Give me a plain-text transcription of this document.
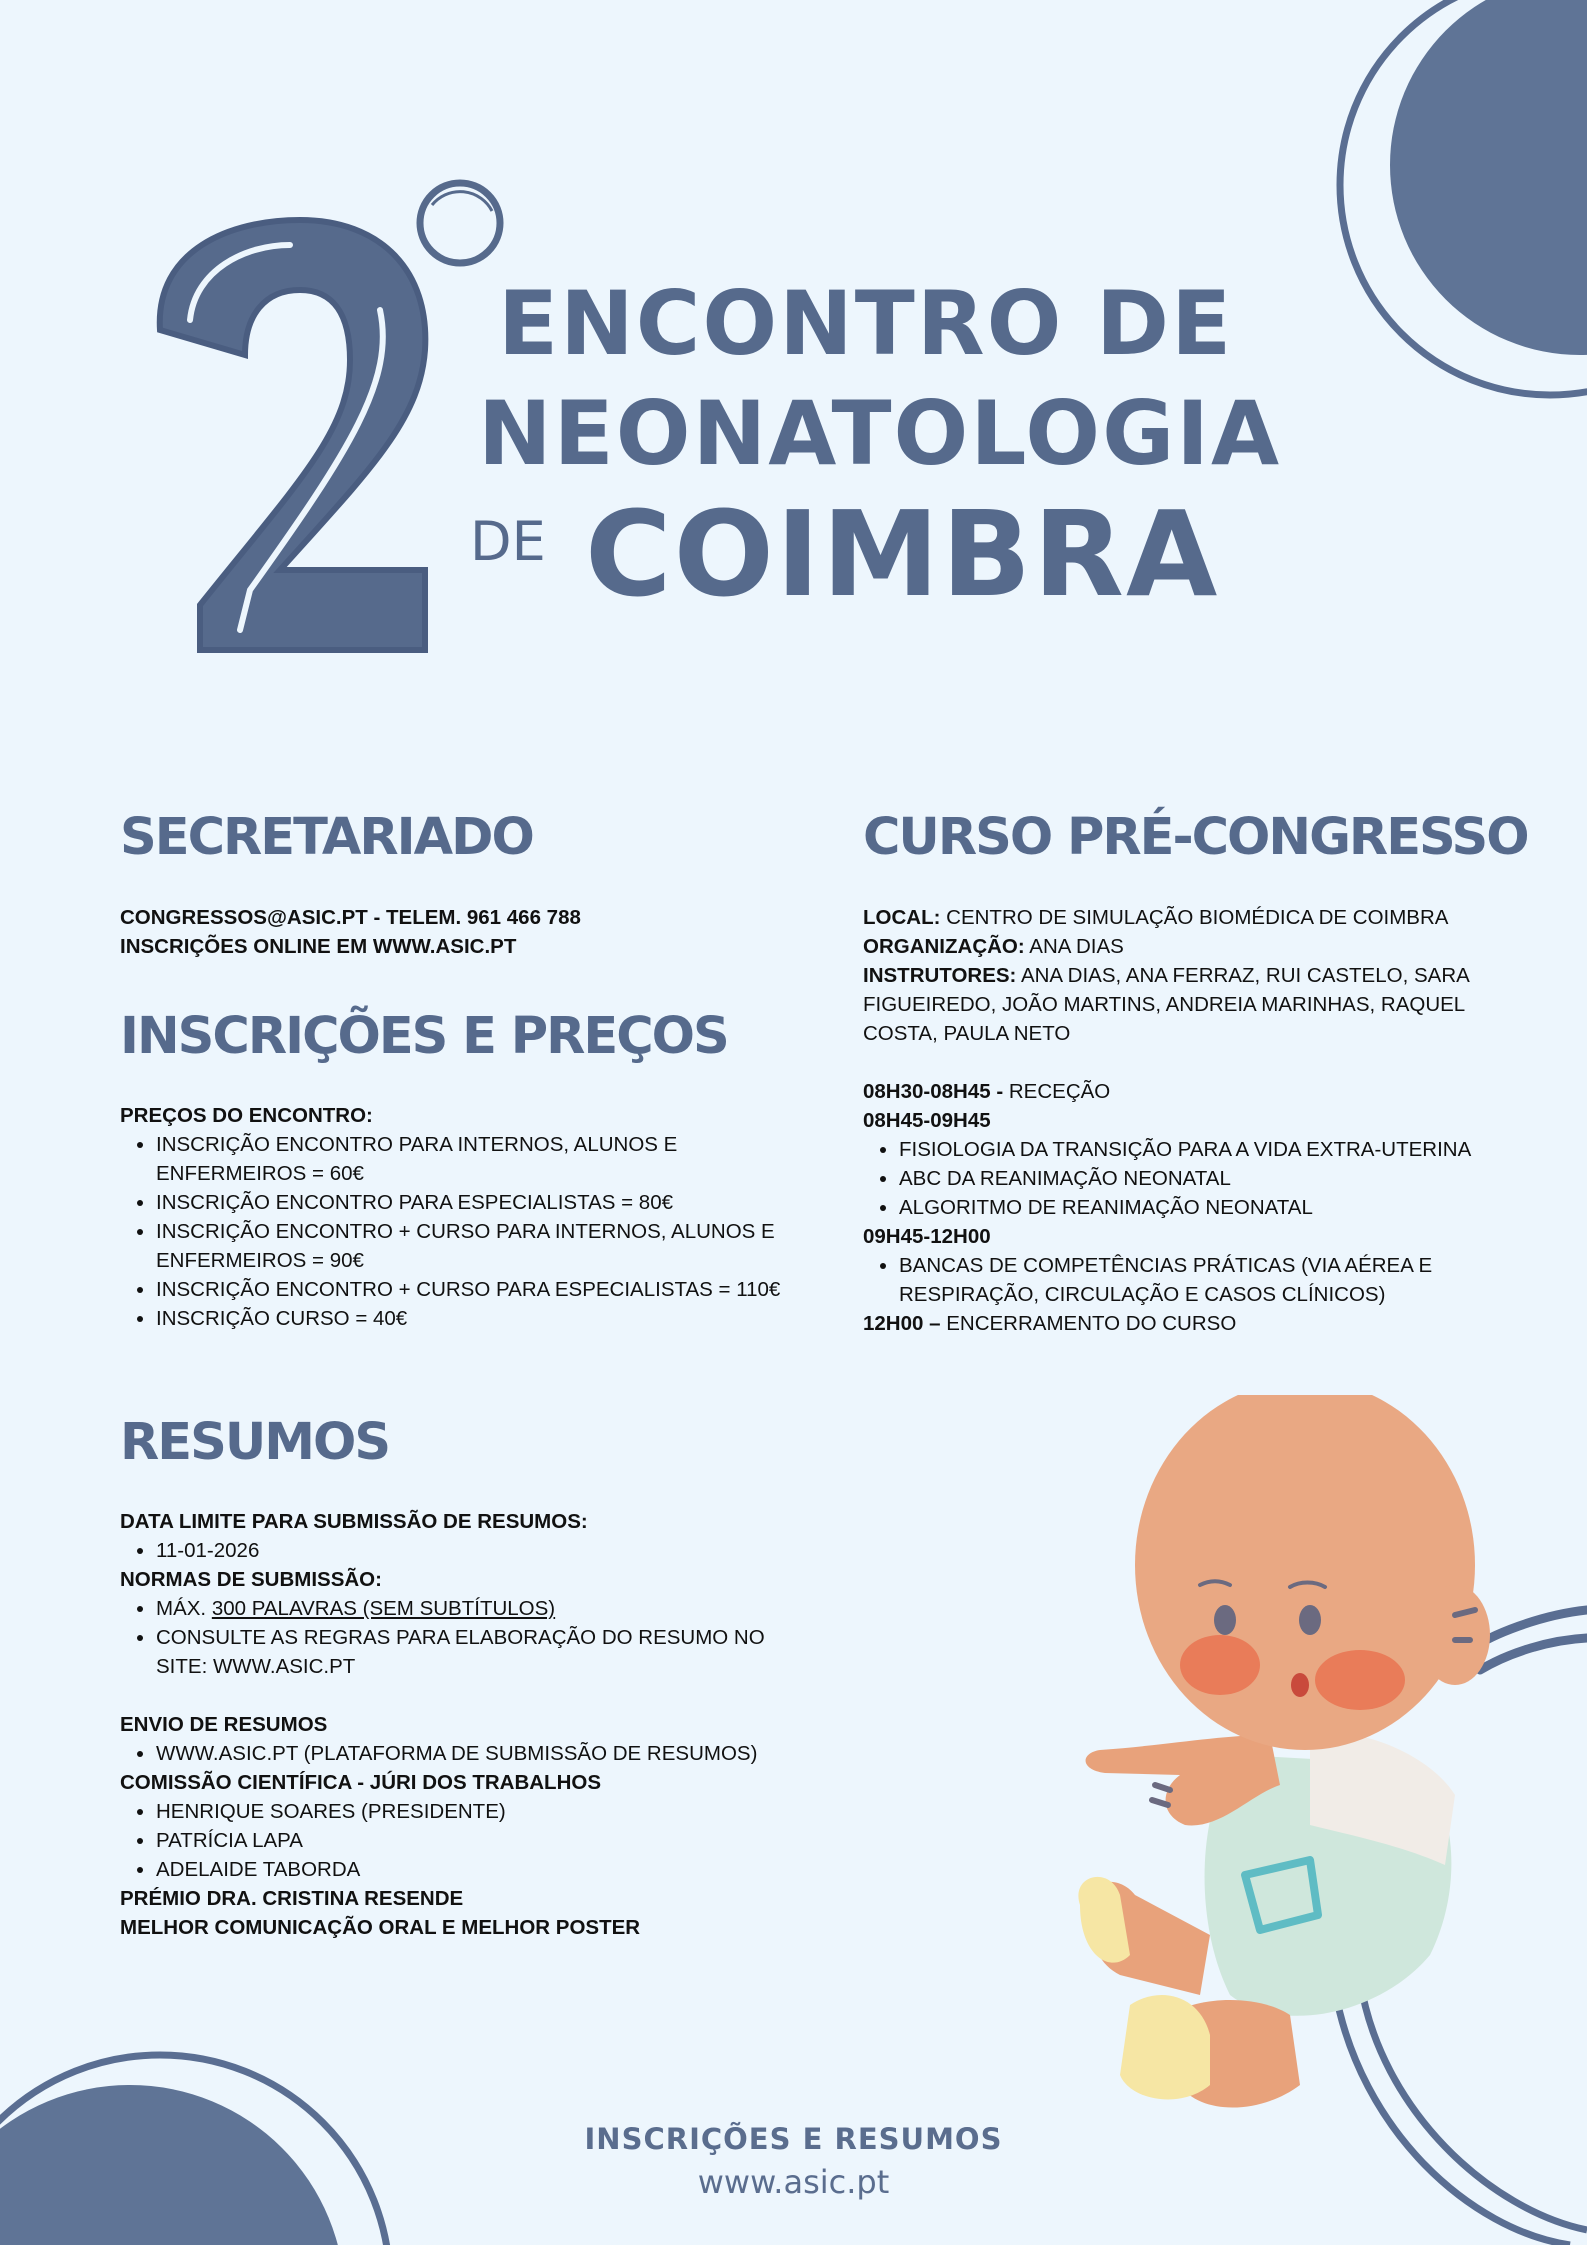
ENCONTRO DE
NEONATOLOGIA
DE COIMBRA
SECRETARIADO

CONGRESSOS@ASIC.PT - TELEM. 961 466 788

INSCRIÇÕES ONLINE EM WWW.ASIC.PT

INSCRIÇÕES E PREÇOS

PREÇOS DO ENCONTRO:

• INSCRIÇÃO ENCONTRO PARA INTERNOS, ALUNOS E ENFERMEIROS = 60€
• INSCRIÇÃO ENCONTRO PARA ESPECIALISTAS = 80€
• INSCRIÇÃO ENCONTRO + CURSO PARA INTERNOS, ALUNOS E ENFERMEIROS = 90€
• INSCRIÇÃO ENCONTRO + CURSO PARA ESPECIALISTAS = 110€
• INSCRIÇÃO CURSO = 40€
RESUMOS

DATA LIMITE PARA SUBMISSÃO DE RESUMOS:

• 11-01-2026

NORMAS DE SUBMISSÃO:

• MÁX. 300 PALAVRAS (SEM SUBTÍTULOS)
• CONSULTE AS REGRAS PARA ELABORAÇÃO DO RESUMO NO SITE: WWW.ASIC.PT

ENVIO DE RESUMOS

• WWW.ASIC.PT (PLATAFORMA DE SUBMISSÃO DE RESUMOS)

COMISSÃO CIENTÍFICA - JÚRI DOS TRABALHOS

• HENRIQUE SOARES (PRESIDENTE)
• PATRÍCIA LAPA
• ADELAIDE TABORDA

PRÉMIO DRA. CRISTINA RESENDE

MELHOR COMUNICAÇÃO ORAL E MELHOR POSTER

CURSO PRÉ-CONGRESSO

LOCAL: CENTRO DE SIMULAÇÃO BIOMÉDICA DE COIMBRA

ORGANIZAÇÃO: ANA DIAS

INSTRUTORES: ANA DIAS, ANA FERRAZ, RUI CASTELO, SARA FIGUEIREDO, JOÃO MARTINS, ANDREIA MARINHAS, RAQUEL COSTA, PAULA NETO

08H30-08H45 - RECEÇÃO

08H45-09H45

• FISIOLOGIA DA TRANSIÇÃO PARA A VIDA EXTRA-UTERINA
• ABC DA REANIMAÇÃO NEONATAL
• ALGORITMO DE REANIMAÇÃO NEONATAL

09H45-12H00

• BANCAS DE COMPETÊNCIAS PRÁTICAS (VIA AÉREA E RESPIRAÇÃO, CIRCULAÇÃO E CASOS CLÍNICOS)

12H00 – ENCERRAMENTO DO CURSO

INSCRIÇÕES E RESUMOS
www.asic.pt
